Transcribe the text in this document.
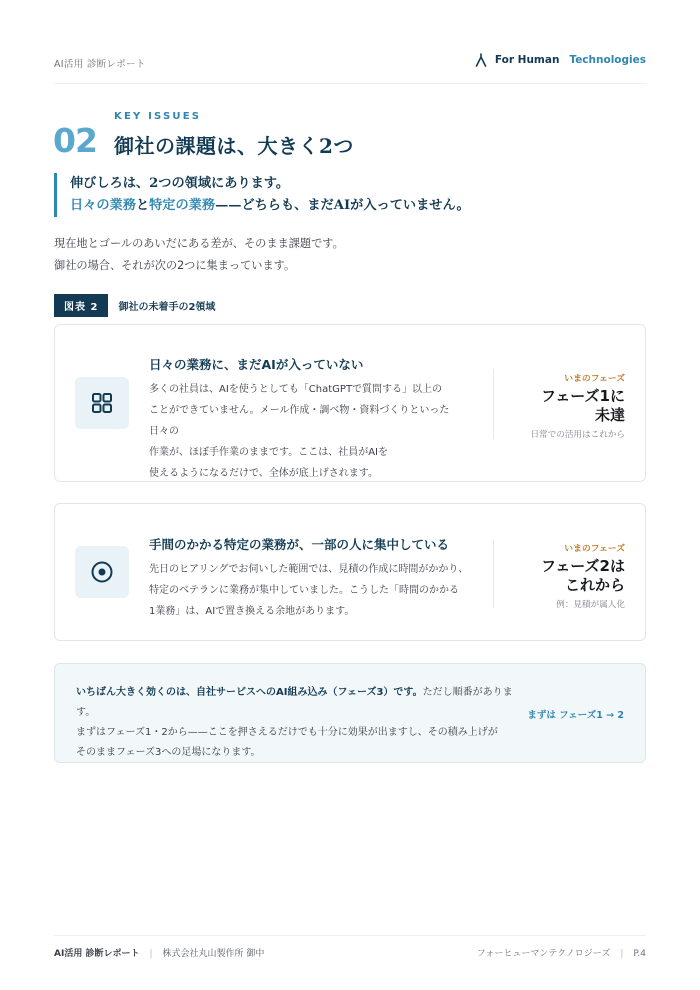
AI活用 診断レポート	For Human Technologies
KEY ISSUES
02 御社の課題は、大きく2つ
伸びしろは、2つの領域にあります。
日々の業務と特定の業務——どちらも、まだAIが入っていません。
現在地とゴールのあいだにある差が、そのまま課題です。
御社の場合、それが次の2つに集まっています。
図表 2	御社の未着手の2領域
日々の業務に、まだAIが入っていない
多くの社員は、AIを使うとしても「ChatGPTで質問する」以上の
ことができていません。メール作成・調べ物・資料づくりといった日々の
作業が、ほぼ手作業のままです。ここは、社員がAIを
使えるようになるだけで、全体が底上げされます。
いまのフェーズ
フェーズ1に
未達
日常での活用はこれから
手間のかかる特定の業務が、一部の人に集中している
先日のヒアリングでお伺いした範囲では、見積の作成に時間がかかり、
特定のベテランに業務が集中していました。こうした「時間のかかる
1業務」は、AIで置き換える余地があります。
いまのフェーズ
フェーズ2は
これから
例：見積が属人化
いちばん大きく効くのは、自社サービスへのAI組み込み（フェーズ3）です。ただし順番があります。
まずはフェーズ1・2から——ここを押さえるだけでも十分に効果が出ますし、その積み上げが
そのままフェーズ3への足場になります。
まずは フェーズ1 → 2
AI活用 診断レポート | 株式会社丸山製作所 御中	フォーヒューマンテクノロジーズ | P.4
